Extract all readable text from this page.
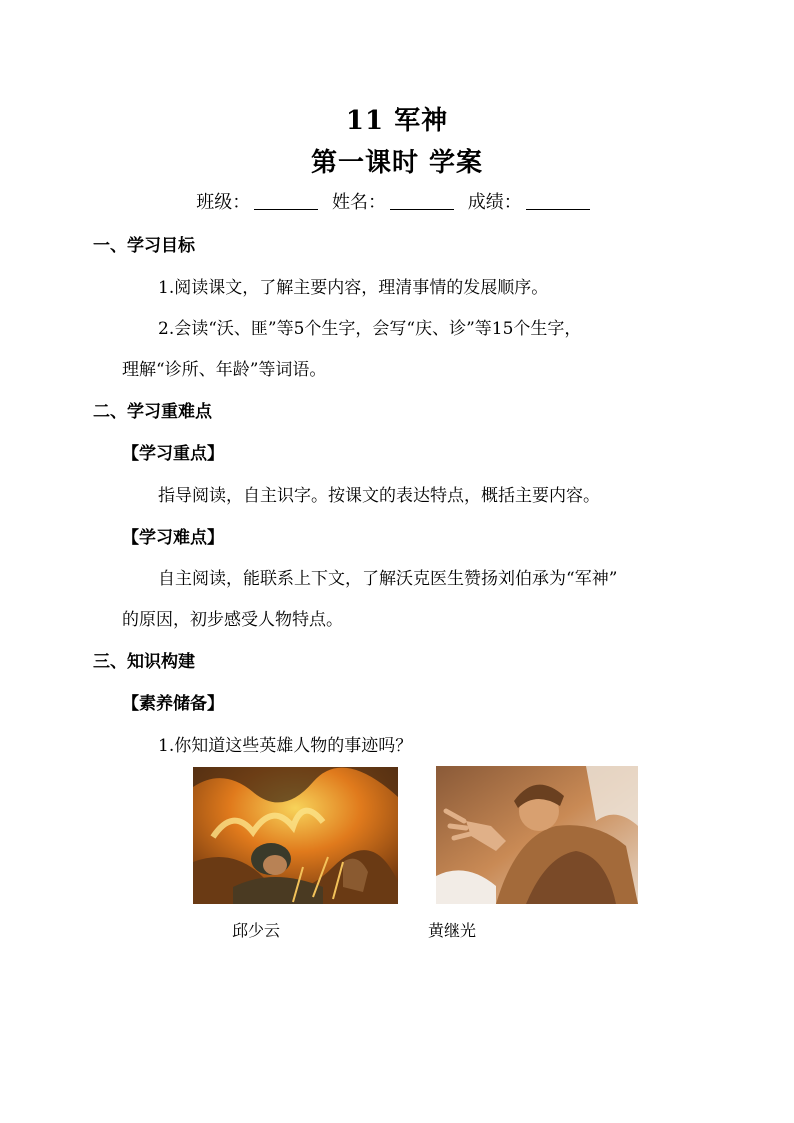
11 军神
第一课时 学案
班级：	姓名：	成绩：
一、学习目标
1.阅读课文，了解主要内容，理清事情的发展顺序。
2.会读“沃、匪”等5个生字，会写“庆、诊”等15个生字，
理解“诊所、年龄”等词语。
二、学习重难点
【学习重点】
指导阅读，自主识字。按课文的表达特点，概括主要内容。
【学习难点】
自主阅读，能联系上下文，了解沃克医生赞扬刘伯承为“军神”
的原因，初步感受人物特点。
三、知识构建
【素养储备】
1.你知道这些英雄人物的事迹吗？
邱少云	黄继光
